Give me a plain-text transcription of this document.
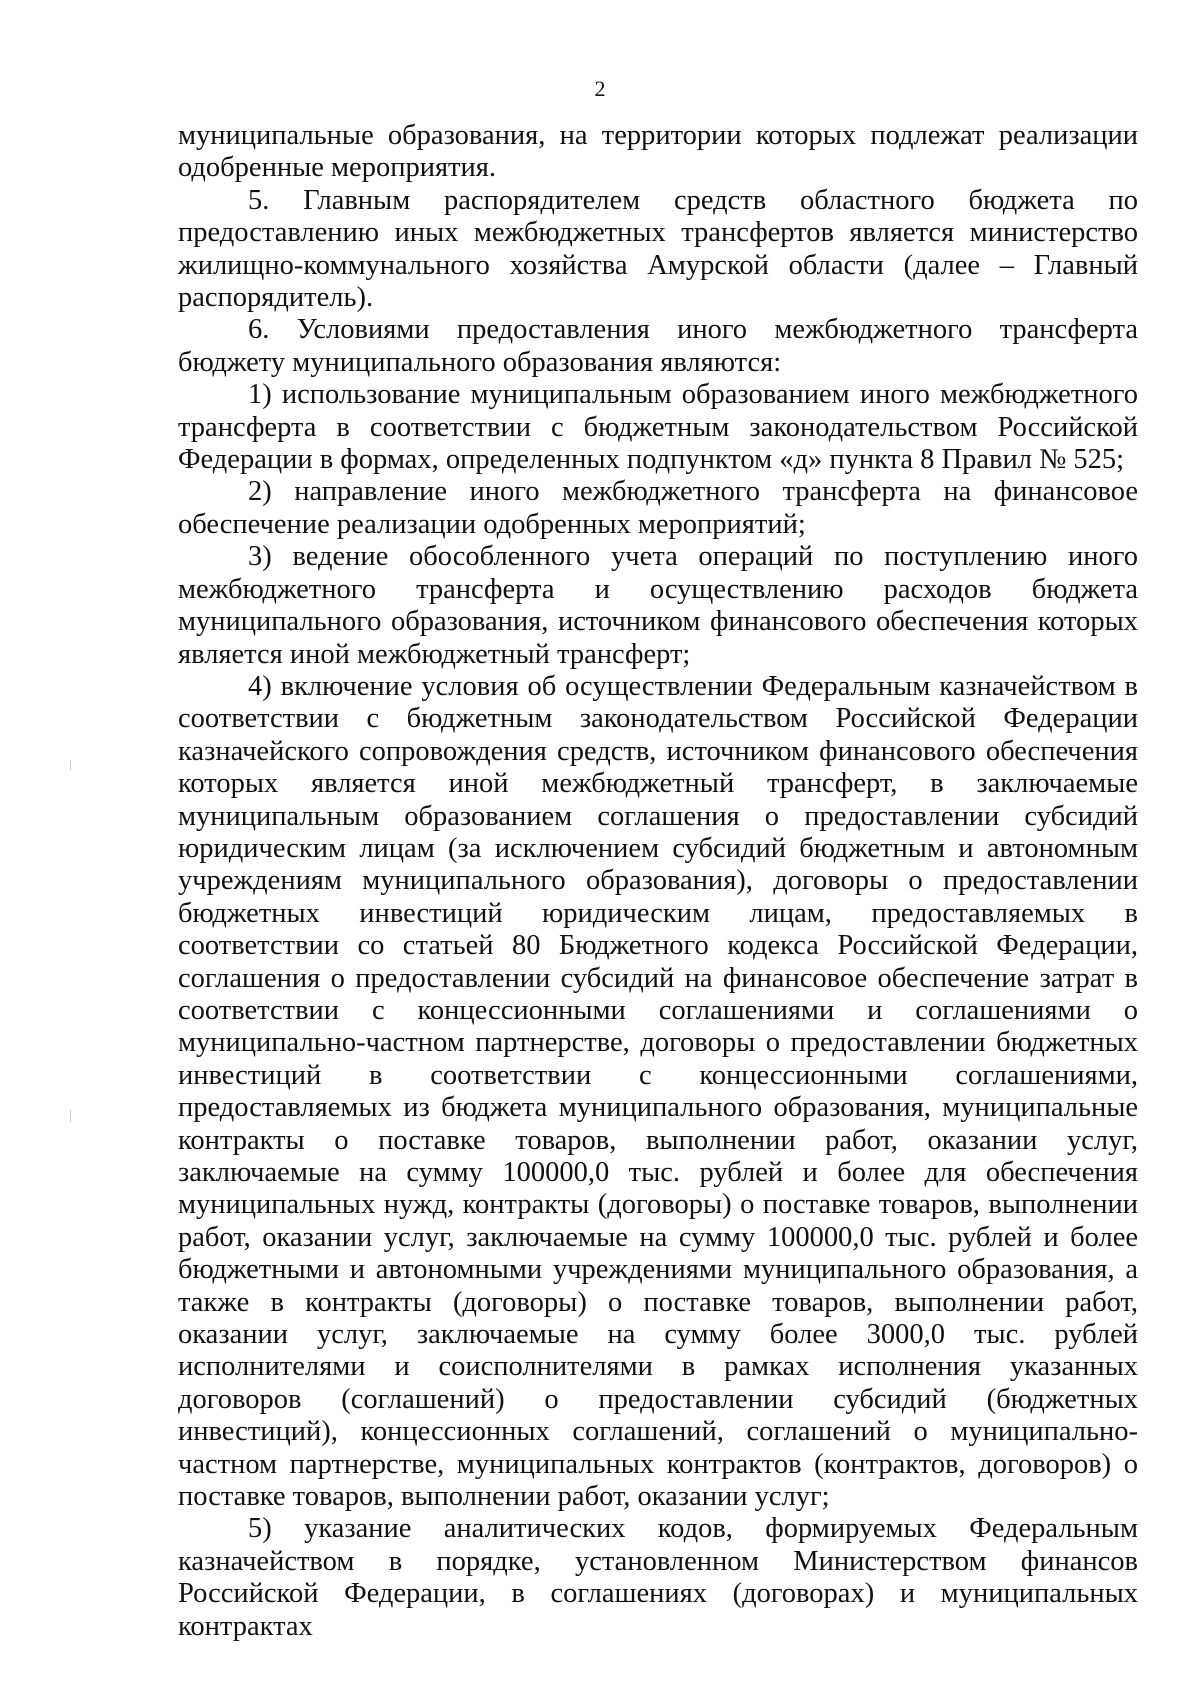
2

муниципальные образования, на территории которых подлежат реализации одобренные мероприятия.

5. Главным распорядителем средств областного бюджета по предоставлению иных межбюджетных трансфертов является министерство жилищно-коммунального хозяйства Амурской области (далее – Главный распорядитель).

6. Условиями предоставления иного межбюджетного трансферта бюджету муниципального образования являются:

1) использование муниципальным образованием иного межбюджетного трансферта в соответствии с бюджетным законодательством Российской Федерации в формах, определенных подпунктом «д» пункта 8 Правил № 525;

2) направление иного межбюджетного трансферта на финансовое обеспечение реализации одобренных мероприятий;

3) ведение обособленного учета операций по поступлению иного межбюджетного трансферта и осуществлению расходов бюджета муниципального образования, источником финансового обеспечения которых является иной межбюджетный трансферт;

4) включение условия об осуществлении Федеральным казначейством в соответствии с бюджетным законодательством Российской Федерации казначейского сопровождения средств, источником финансового обеспечения которых является иной межбюджетный трансферт, в заключаемые муниципальным образованием соглашения о предоставлении субсидий юридическим лицам (за исключением субсидий бюджетным и автономным учреждениям муниципального образования), договоры о предоставлении бюджетных инвестиций юридическим лицам, предоставляемых в соответствии со статьей 80 Бюджетного кодекса Российской Федерации, соглашения о предоставлении субсидий на финансовое обеспечение затрат в соответствии с концессионными соглашениями и соглашениями о муниципально-частном партнерстве, договоры о предоставлении бюджетных инвестиций в соответствии с концессионными соглашениями, предоставляемых из бюджета муниципального образования, муниципальные контракты о поставке товаров, выполнении работ, оказании услуг, заключаемые на сумму 100000,0 тыс. рублей и более для обеспечения муниципальных нужд, контракты (договоры) о поставке товаров, выполнении работ, оказании услуг, заключаемые на сумму 100000,0 тыс. рублей и более бюджетными и автономными учреждениями муниципального образования, а также в контракты (договоры) о поставке товаров, выполнении работ, оказании услуг, заключаемые на сумму более 3000,0 тыс. рублей исполнителями и соисполнителями в рамках исполнения указанных договоров (соглашений) о предоставлении субсидий (бюджетных инвестиций), концессионных соглашений, соглашений о муниципально-частном партнерстве, муниципальных контрактов (контрактов, договоров) о поставке товаров, выполнении работ, оказании услуг;

5) указание аналитических кодов, формируемых Федеральным казначейством в порядке, установленном Министерством финансов Российской Федерации, в соглашениях (договорах) и муниципальных контрактах
